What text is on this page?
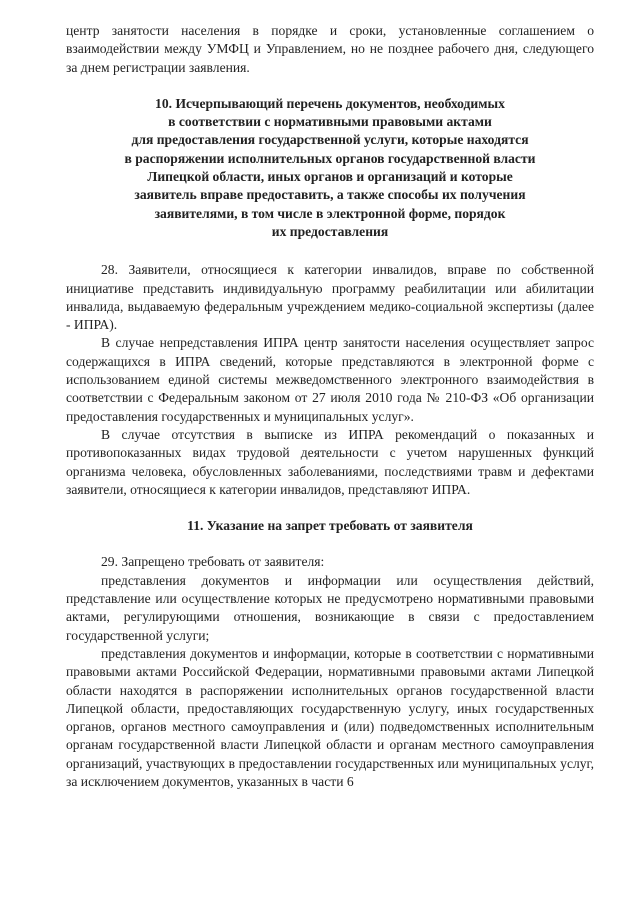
центр занятости населения в порядке и сроки, установленные соглашением о взаимодействии между УМФЦ и Управлением, но не позднее рабочего дня, следующего за днем регистрации заявления.

10. Исчерпывающий перечень документов, необходимых
в соответствии с нормативными правовыми актами
для предоставления государственной услуги, которые находятся
в распоряжении исполнительных органов государственной власти
Липецкой области, иных органов и организаций и которые
заявитель вправе предоставить, а также способы их получения
заявителями, в том числе в электронной форме, порядок
их предоставления

28. Заявители, относящиеся к категории инвалидов, вправе по собственной инициативе представить индивидуальную программу реабилитации или абилитации инвалида, выдаваемую федеральным учреждением медико-социальной экспертизы (далее - ИПРА).

В случае непредставления ИПРА центр занятости населения осуществляет запрос содержащихся в ИПРА сведений, которые представляются в электронной форме с использованием единой системы межведомственного электронного взаимодействия в соответствии с Федеральным законом от 27 июля 2010 года № 210-ФЗ «Об организации предоставления государственных и муниципальных услуг».

В случае отсутствия в выписке из ИПРА рекомендаций о показанных и противопоказанных видах трудовой деятельности с учетом нарушенных функций организма человека, обусловленных заболеваниями, последствиями травм и дефектами заявители, относящиеся к категории инвалидов, представляют ИПРА.

11. Указание на запрет требовать от заявителя

29. Запрещено требовать от заявителя:

представления документов и информации или осуществления действий, представление или осуществление которых не предусмотрено нормативными правовыми актами, регулирующими отношения, возникающие в связи с предоставлением государственной услуги;

представления документов и информации, которые в соответствии с нормативными правовыми актами Российской Федерации, нормативными правовыми актами Липецкой области находятся в распоряжении исполнительных органов государственной власти Липецкой области, предоставляющих государственную услугу, иных государственных органов, органов местного самоуправления и (или) подведомственных исполнительным органам государственной власти Липецкой области и органам местного самоуправления организаций, участвующих в предоставлении государственных или муниципальных услуг, за исключением документов, указанных в части 6
